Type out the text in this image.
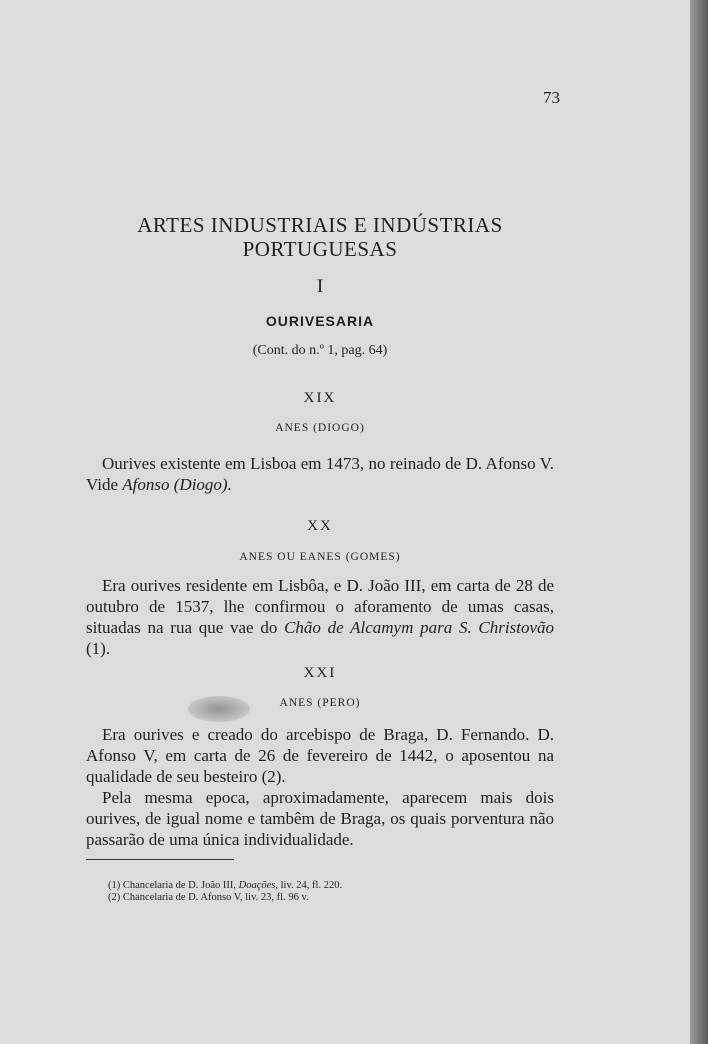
73
ARTES INDUSTRIAIS E INDÚSTRIAS PORTUGUESAS
I
OURIVESARIA
(Cont. do n.º 1, pag. 64)
XIX
ANES (DIOGO)
Ourives existente em Lisboa em 1473, no reinado de D. Afonso V. Vide Afonso (Diogo).
XX
ANES OU EANES (GOMES)
Era ourives residente em Lisbôa, e D. João III, em carta de 28 de outubro de 1537, lhe confirmou o aforamento de umas casas, situadas na rua que vae do Chão de Alcamym para S. Christovão (1).
XXI
ANES (PERO)
Era ourives e creado do arcebispo de Braga, D. Fernando. D. Afonso V, em carta de 26 de fevereiro de 1442, o aposentou na qualidade de seu besteiro (2).
Pela mesma epoca, aproximadamente, aparecem mais dois ourives, de igual nome e tambêm de Braga, os quais porventura não passarão de uma única individualidade.
(1) Chancelaria de D. João III, Doações, liv. 24, fl. 220.
(2) Chancelaria de D. Afonso V, liv. 23, fl. 96 v.
